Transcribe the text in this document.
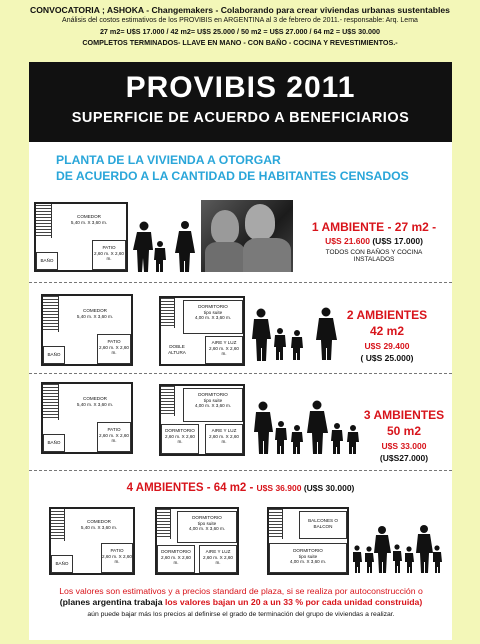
CONVOCATORIA ; ASHOKA - Changemakers - Colaborando para crear viviendas urbanas sustentables
Análisis del costos estimativos de los PROVIBIS en ARGENTINA al 3 de febrero de 2011.- responsable: Arq. Lema
27 m2= U$S 17.000 / 42 m2= U$S 25.000 / 50 m2 = U$S 27.000 / 64 m2 = U$S 30.000
COMPLETOS TERMINADOS- LLAVE EN MANO - CON BAÑO - COCINA Y REVESTIMIENTOS.-
PROVIBIS 2011
SUPERFICIE DE ACUERDO A BENEFICIARIOS
PLANTA DE LA VIVIENDA A OTORGAR
DE ACUERDO A LA CANTIDAD DE HABITANTES CENSADOS
COMEDOR
5,40 m. X 3,60 m.
PATIO
2,60 m. X 2,60 m.
BAÑO
1 AMBIENTE - 27 m2 -
U$S 21.600 (U$S 17.000)
TODOS CON BAÑOS Y COCINA
INSTALADOS
COMEDOR
5,40 m. X 3,60 m.
PATIO
2,60 m. X 2,60 m.
BAÑO
DORMITORIO
tipo suite
4,00 m. X 3,60 m.
DOBLE ALTURA
AIRE Y LUZ
2,60 m. X 2,60 m.
2 AMBIENTES
42 m2
U$S 29.400
( U$S 25.000)
COMEDOR
5,40 m. X 3,60 m.
PATIO
2,60 m. X 2,60 m.
BAÑO
DORMITORIO
tipo suite
4,00 m. X 3,60 m.
DORMITORIO
2,60 m. X 2,60 m.
AIRE Y LUZ
2,60 m. X 2,60 m.
3 AMBIENTES
50 m2
U$S 33.000
(U$S27.000)
4 AMBIENTES - 64 m2 - U$S 36.900 (U$S 30.000)
COMEDOR
5,40 m. X 3,60 m.
PATIO
2,60 m. X 2,60 m.
BAÑO
DORMITORIO
tipo suite
4,00 m. X 3,60 m.
DORMITORIO
2,60 m. X 2,60 m.
AIRE Y LUZ
2,60 m. X 2,60 m.
BALCONES O BALCON
DORMITORIO
tipo suite
4,00 m. X 3,60 m.
Los valores son estimativos y a precios standard de plaza, si se realiza por autoconstrucción o
(planes argentina trabaja los valores bajan un 20 a un 33 % por cada unidad construida)
aún puede bajar más los precios al definirse el grado de terminación del grupo de viviendas a realizar.
